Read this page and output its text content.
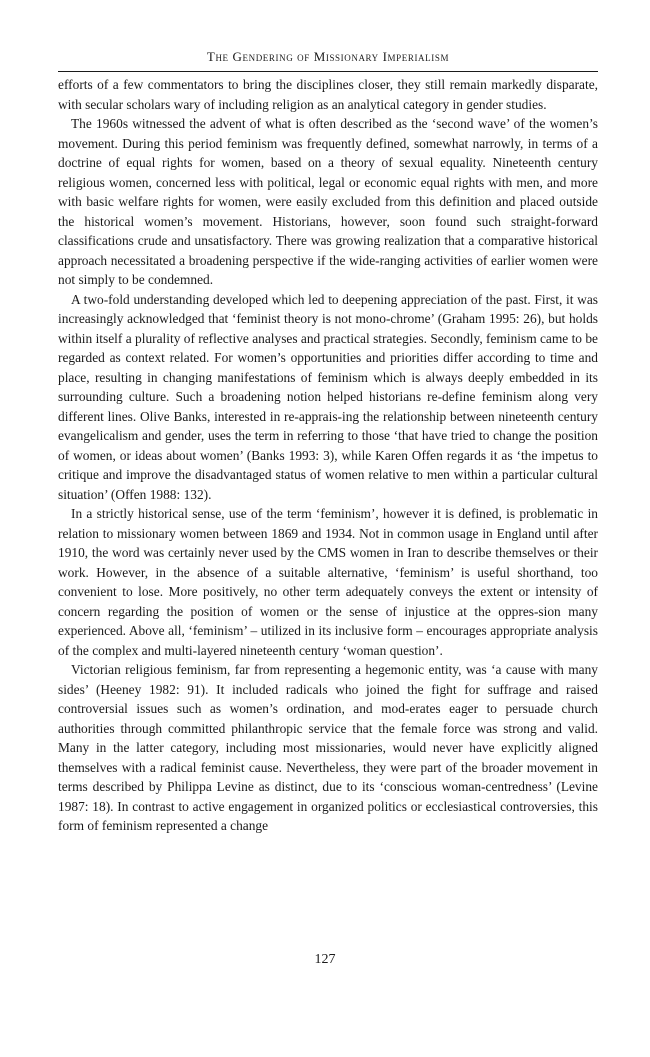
The Gendering of Missionary Imperialism

efforts of a few commentators to bring the disciplines closer, they still remain markedly disparate, with secular scholars wary of including religion as an analytical category in gender studies.

The 1960s witnessed the advent of what is often described as the ‘second wave’ of the women’s movement. During this period feminism was frequently defined, somewhat narrowly, in terms of a doctrine of equal rights for women, based on a theory of sexual equality. Nineteenth century religious women, concerned less with political, legal or economic equal rights with men, and more with basic welfare rights for women, were easily excluded from this definition and placed outside the historical women’s movement. Historians, however, soon found such straight-forward classifications crude and unsatisfactory. There was growing realization that a comparative historical approach necessitated a broadening perspective if the wide-ranging activities of earlier women were not simply to be condemned.

A two-fold understanding developed which led to deepening appreciation of the past. First, it was increasingly acknowledged that ‘feminist theory is not mono-chrome’ (Graham 1995: 26), but holds within itself a plurality of reflective analyses and practical strategies. Secondly, feminism came to be regarded as context related. For women’s opportunities and priorities differ according to time and place, resulting in changing manifestations of feminism which is always deeply embedded in its surrounding culture. Such a broadening notion helped historians re-define feminism along very different lines. Olive Banks, interested in re-apprais-ing the relationship between nineteenth century evangelicalism and gender, uses the term in referring to those ‘that have tried to change the position of women, or ideas about women’ (Banks 1993: 3), while Karen Offen regards it as ‘the impetus to critique and improve the disadvantaged status of women relative to men within a particular cultural situation’ (Offen 1988: 132).

In a strictly historical sense, use of the term ‘feminism’, however it is defined, is problematic in relation to missionary women between 1869 and 1934. Not in common usage in England until after 1910, the word was certainly never used by the CMS women in Iran to describe themselves or their work. However, in the absence of a suitable alternative, ‘feminism’ is useful shorthand, too convenient to lose. More positively, no other term adequately conveys the extent or intensity of concern regarding the position of women or the sense of injustice at the oppres-sion many experienced. Above all, ‘feminism’ – utilized in its inclusive form – encourages appropriate analysis of the complex and multi-layered nineteenth century ‘woman question’.

Victorian religious feminism, far from representing a hegemonic entity, was ‘a cause with many sides’ (Heeney 1982: 91). It included radicals who joined the fight for suffrage and raised controversial issues such as women’s ordination, and mod-erates eager to persuade church authorities through committed philanthropic service that the female force was strong and valid. Many in the latter category, including most missionaries, would never have explicitly aligned themselves with a radical feminist cause. Nevertheless, they were part of the broader movement in terms described by Philippa Levine as distinct, due to its ‘conscious woman-centredness’ (Levine 1987: 18). In contrast to active engagement in organized politics or ecclesiastical controversies, this form of feminism represented a change

127
